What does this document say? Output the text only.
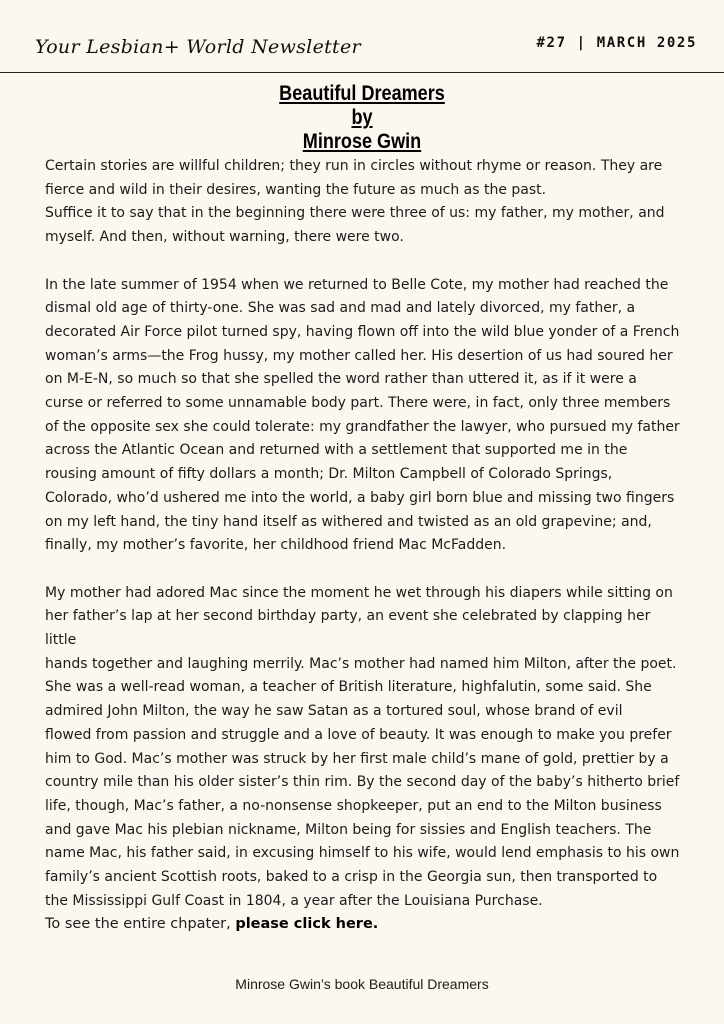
Your Lesbian+ World Newsletter	#27 | MARCH 2025
Beautiful Dreamers
by
Minrose Gwin

Certain stories are willful children; they run in circles without rhyme or reason. They are
fierce and wild in their desires, wanting the future as much as the past.
Suffice it to say that in the beginning there were three of us: my father, my mother, and
myself. And then, without warning, there were two.

In the late summer of 1954 when we returned to Belle Cote, my mother had reached the
dismal old age of thirty-one. She was sad and mad and lately divorced, my father, a
decorated Air Force pilot turned spy, having flown off into the wild blue yonder of a French
woman’s arms—the Frog hussy, my mother called her. His desertion of us had soured her
on M-E-N, so much so that she spelled the word rather than uttered it, as if it were a
curse or referred to some unnamable body part. There were, in fact, only three members
of the opposite sex she could tolerate: my grandfather the lawyer, who pursued my father
across the Atlantic Ocean and returned with a settlement that supported me in the
rousing amount of fifty dollars a month; Dr. Milton Campbell of Colorado Springs,
Colorado, who’d ushered me into the world, a baby girl born blue and missing two fingers
on my left hand, the tiny hand itself as withered and twisted as an old grapevine; and,
finally, my mother’s favorite, her childhood friend Mac McFadden.

My mother had adored Mac since the moment he wet through his diapers while sitting on
her father’s lap at her second birthday party, an event she celebrated by clapping her little
hands together and laughing merrily. Mac’s mother had named him Milton, after the poet.
She was a well-read woman, a teacher of British literature, highfalutin, some said. She
admired John Milton, the way he saw Satan as a tortured soul, whose brand of evil
flowed from passion and struggle and a love of beauty. It was enough to make you prefer
him to God. Mac’s mother was struck by her first male child’s mane of gold, prettier by a
country mile than his older sister’s thin rim. By the second day of the baby’s hitherto brief
life, though, Mac’s father, a no-nonsense shopkeeper, put an end to the Milton business
and gave Mac his plebian nickname, Milton being for sissies and English teachers. The
name Mac, his father said, in excusing himself to his wife, would lend emphasis to his own
family’s ancient Scottish roots, baked to a crisp in the Georgia sun, then transported to
the Mississippi Gulf Coast in 1804, a year after the Louisiana Purchase.

To see the entire chpater, please click here.
Minrose Gwin’s book Beautiful Dreamers
